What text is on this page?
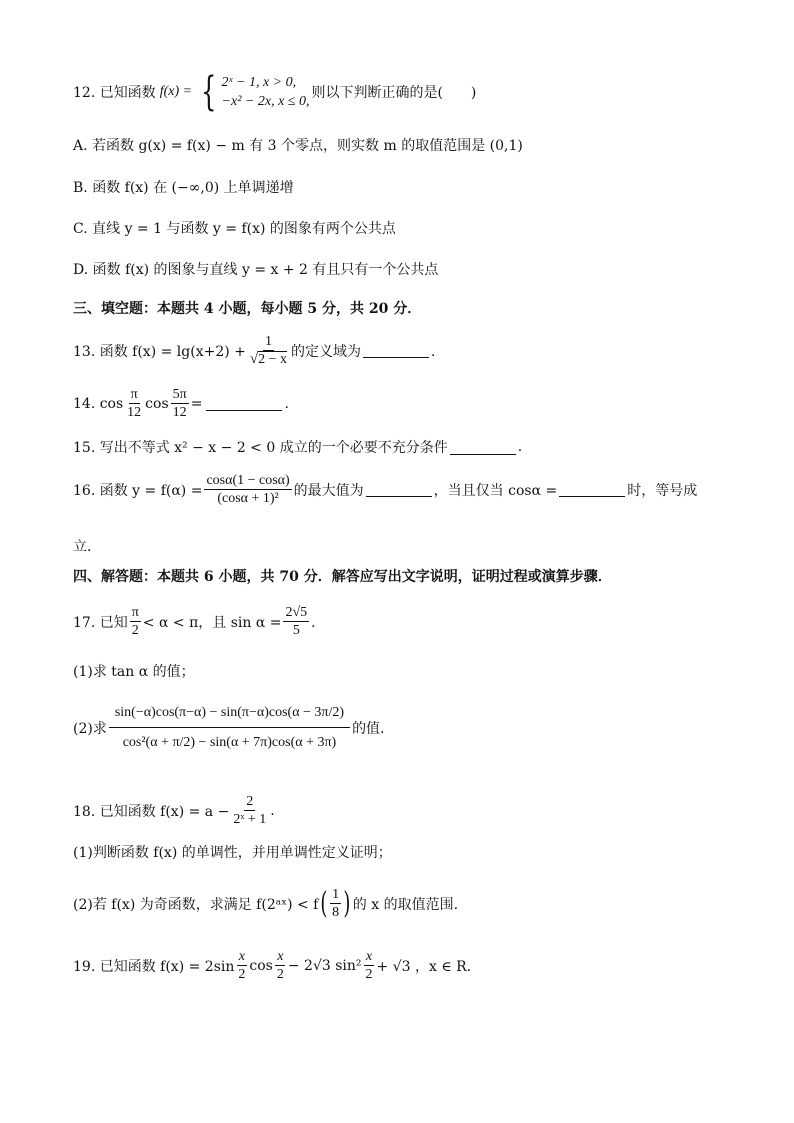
12. 已知函数 f(x) = { 2ˣ − 1, x > 0,
−x² − 2x, x ≤ 0,
则以下判断正确的是(　　)
A. 若函数 g(x) = f(x) − m 有 3 个零点，则实数 m 的取值范围是 (0,1)
B. 函数 f(x) 在 (−∞,0) 上单调递增
C. 直线 y = 1 与函数 y = f(x) 的图象有两个公共点
D. 函数 f(x) 的图象与直线 y = x + 2 有且只有一个公共点
三、填空题：本题共 4 小题，每小题 5 分，共 20 分．
13. 函数 $f(x) = \lg(x+2) + \frac{1}{√2 - x}$ 的定义域为	．
14. $\cos \frac{\pi}{12}$ $\cos \frac{5\pi}{12}$ =	.
15. 写出不等式 x² − x − 2 < 0 成立的一个必要不充分条件	.
16. 函数 $y = f(\alpha) = \frac{\cos\alpha(1 - \cos\alpha)}{\text{(cosα + 1)²}}$ 的最大值为	，当且仅当 cosα =	时，等号成
立．
四、解答题：本题共 6 小题，共 70 分．解答应写出文字说明，证明过程或演算步骤．
17. 已知 $\frac{\pi}{2} < \alpha < \pi$，且 $\sin \alpha = \frac{2√5}{5}$ ．
(1)求 tan α 的值；
(2)求 $\frac{\sin(-\alpha)\cos(\pi-\alpha) - \sin(\pi-\alpha)\cos(\alpha - 3\pi/2)}{\text{cos²(α + π/2) − sin(α + 7π)cos(α + 3π)}}$ 的值．
18. 已知函数 $f(x) = a - \frac{2}{\text{2ˣ + 1}}$ .
(1)判断函数 f(x) 的单调性，并用单调性定义证明；
(2)若 f(x) 为奇函数，求满足 f(2ᵃˣ) < f ( $\frac{1}{8}$ ) 的 x 的取值范围.
19. 已知函数 $f(x) = 2\sin \frac{x}{2}$ $\cos \frac{x}{2} - 2√3$ $\sin^2 \frac{x}{2} + √3$ ，x ∈ R．
